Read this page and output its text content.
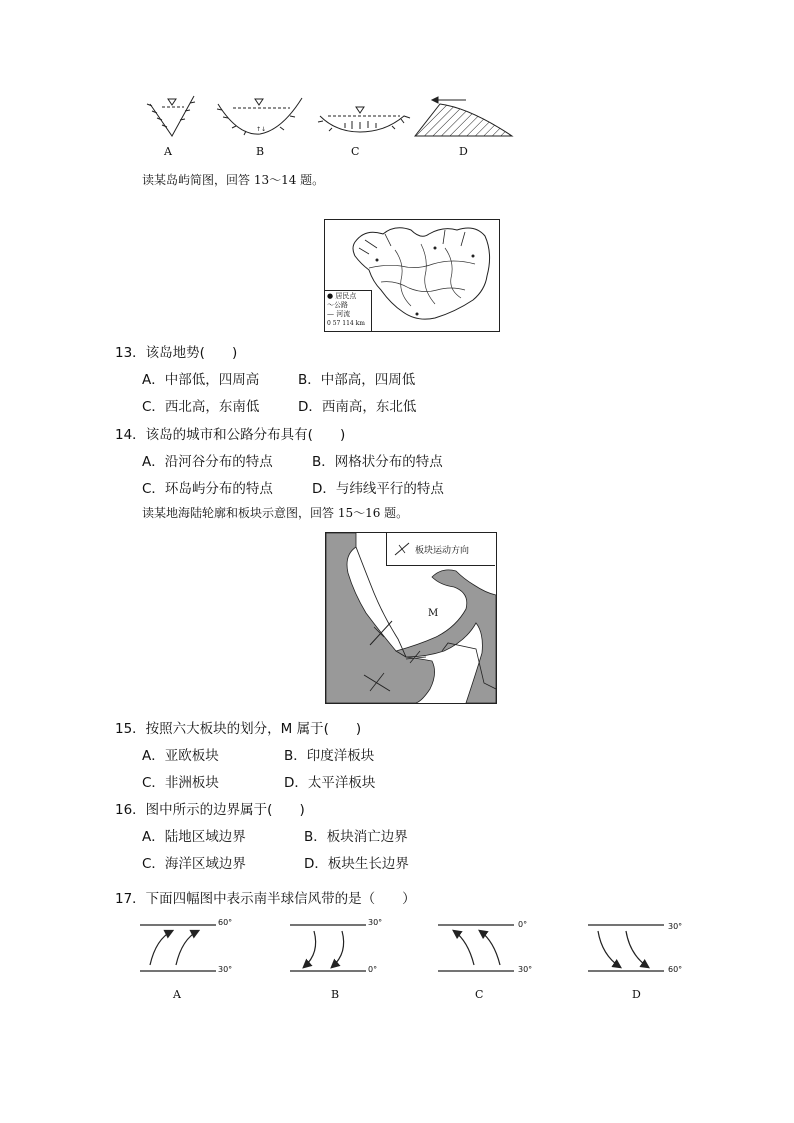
↑↓
A	B	C	D
读某岛屿简图，回答 13～14 题。
● 居民点
～公路
— 河流
0 57 114 km
13．该岛地势(　　)
A．中部低，四周高	B．中部高，四周低
C．西北高，东南低	D．西南高，东北低
14．该岛的城市和公路分布具有(　　)
A．沿河谷分布的特点	B．网格状分布的特点
C．环岛屿分布的特点	D．与纬线平行的特点
读某地海陆轮廓和板块示意图，回答 15～16 题。
板块运动方向
M
15．按照六大板块的划分，M 属于(　　)
A．亚欧板块	B．印度洋板块
C．非洲板块	D．太平洋板块
16．图中所示的边界属于(　　)
A．陆地区域边界	B．板块消亡边界
C．海洋区域边界	D．板块生长边界
17．下面四幅图中表示南半球信风带的是（　　）
60°
30°
A
30°
0°
B
0°
30°
C
30°
60°
D
